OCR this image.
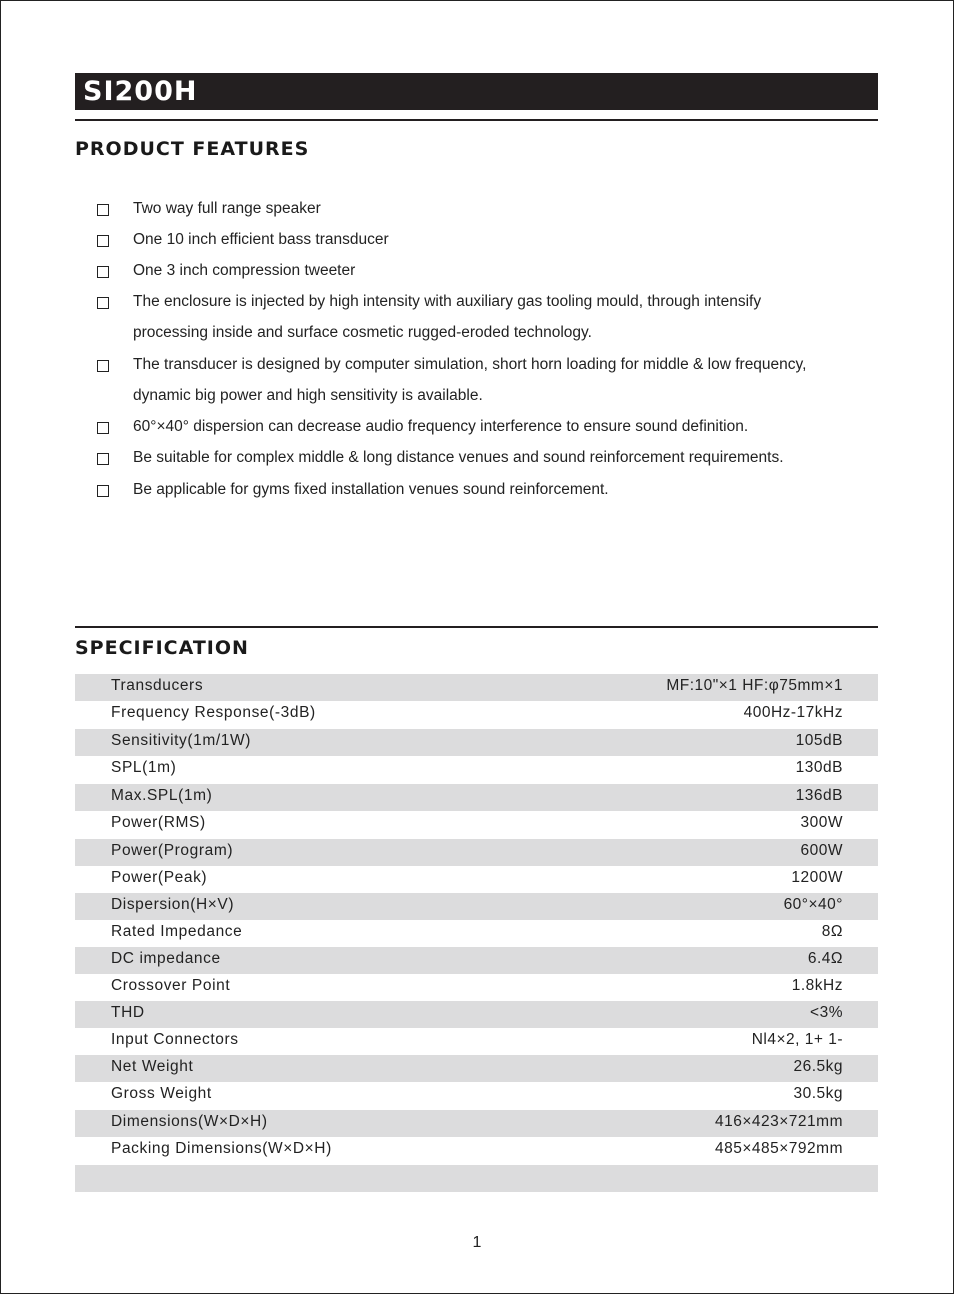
SI200H
PRODUCT FEATURES
Two way full range speaker
One 10 inch efficient bass transducer
One 3 inch compression tweeter
The enclosure is injected by high intensity with auxiliary gas tooling mould, through intensify
processing inside and surface cosmetic rugged-eroded technology.
The transducer is designed by computer simulation, short horn loading for middle & low frequency,
dynamic big power and high sensitivity is available.
60°×40° dispersion can decrease audio frequency interference to ensure sound definition.
Be suitable for complex middle & long distance venues and sound reinforcement requirements.
Be applicable for gyms fixed installation venues sound reinforcement.
SPECIFICATION
Transducers	MF:10"×1 HF:φ75mm×1
Frequency Response(-3dB)	400Hz-17kHz
Sensitivity(1m/1W)	105dB
SPL(1m)	130dB
Max.SPL(1m)	136dB
Power(RMS)	300W
Power(Program)	600W
Power(Peak)	1200W
Dispersion(H×V)	60°×40°
Rated Impedance	8Ω
DC impedance	6.4Ω
Crossover Point	1.8kHz
THD	<3%
Input Connectors	Nl4×2, 1+ 1-
Net Weight	26.5kg
Gross Weight	30.5kg
Dimensions(W×D×H)	416×423×721mm
Packing Dimensions(W×D×H)	485×485×792mm
1
